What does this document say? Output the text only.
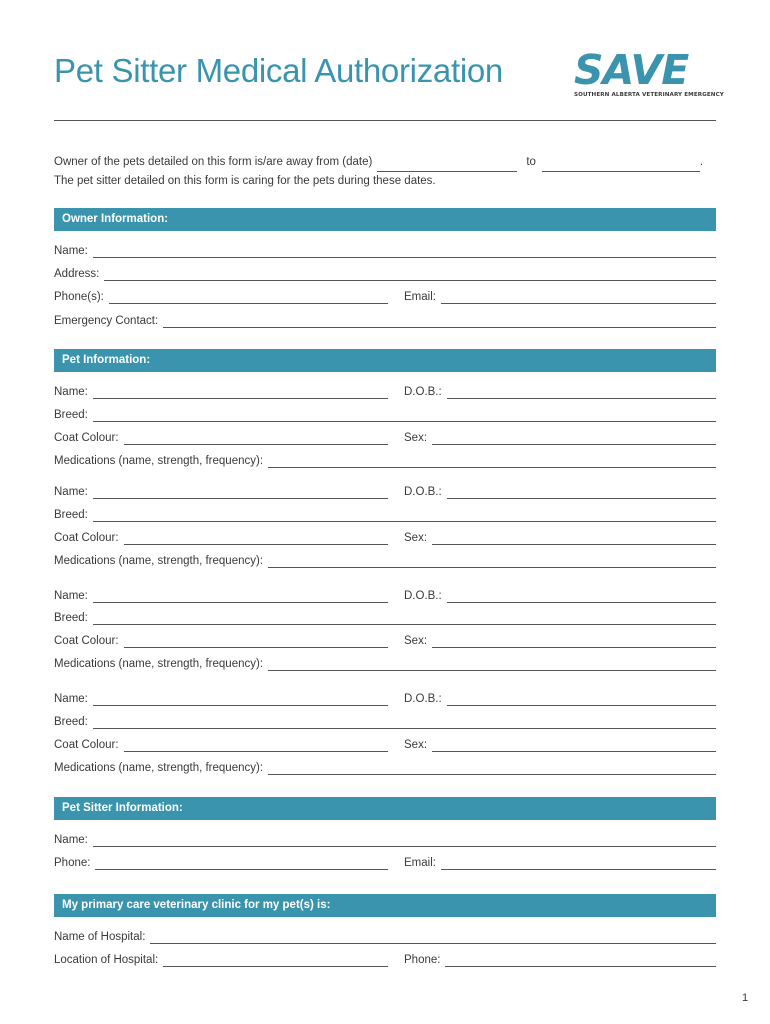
Pet Sitter Medical Authorization SAVE
SOUTHERN ALBERTA VETERINARY EMERGENCY
Owner of the pets detailed on this form is/are away from (date)	to	.
The pet sitter detailed on this form is caring for the pets during these dates.
Owner Information:
Name:
Address:
Phone(s):	Email:
Emergency Contact:
Pet Information:
Name:	D.O.B.:
Breed:
Coat Colour:	Sex:
Medications (name, strength, frequency):
Name:	D.O.B.:
Breed:
Coat Colour:	Sex:
Medications (name, strength, frequency):
Name:	D.O.B.:
Breed:
Coat Colour:	Sex:
Medications (name, strength, frequency):
Name:	D.O.B.:
Breed:
Coat Colour:	Sex:
Medications (name, strength, frequency):
Pet Sitter Information:
Name:
Phone:	Email:
My primary care veterinary clinic for my pet(s) is:
Name of Hospital:
Location of Hospital:	Phone:
1
